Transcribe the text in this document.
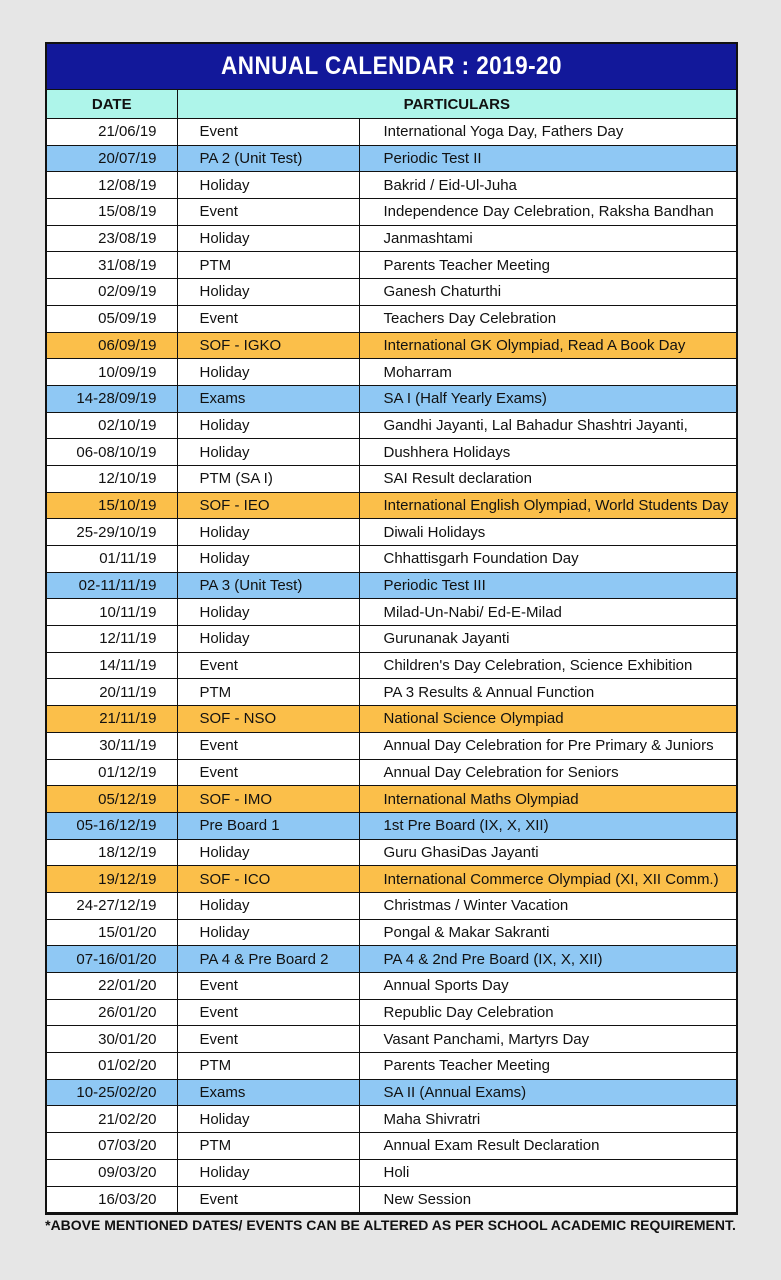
ANNUAL CALENDAR : 2019-20
DATE	PARTICULARS	
21/06/19	Event	International Yoga Day, Fathers Day
20/07/19	PA 2 (Unit Test)	Periodic Test II
12/08/19	Holiday	Bakrid / Eid-Ul-Juha
15/08/19	Event	Independence Day Celebration, Raksha Bandhan
23/08/19	Holiday	Janmashtami
31/08/19	PTM	Parents Teacher Meeting
02/09/19	Holiday	Ganesh Chaturthi
05/09/19	Event	Teachers Day Celebration
06/09/19	SOF - IGKO	International GK Olympiad, Read A Book Day
10/09/19	Holiday	Moharram
14-28/09/19	Exams	SA I (Half Yearly Exams)
02/10/19	Holiday	Gandhi Jayanti, Lal Bahadur Shashtri Jayanti,
06-08/10/19	Holiday	Dushhera Holidays
12/10/19	PTM (SA I)	SAI Result declaration
15/10/19	SOF - IEO	International English Olympiad, World Students Day
25-29/10/19	Holiday	Diwali Holidays
01/11/19	Holiday	Chhattisgarh Foundation Day
02-11/11/19	PA 3 (Unit Test)	Periodic Test III
10/11/19	Holiday	Milad-Un-Nabi/ Ed-E-Milad
12/11/19	Holiday	Gurunanak Jayanti
14/11/19	Event	Children's Day Celebration, Science Exhibition
20/11/19	PTM	PA 3 Results & Annual Function
21/11/19	SOF - NSO	National Science Olympiad
30/11/19	Event	Annual Day Celebration for Pre Primary & Juniors
01/12/19	Event	Annual Day Celebration for Seniors
05/12/19	SOF - IMO	International Maths Olympiad
05-16/12/19	Pre Board 1	1st Pre Board (IX, X, XII)
18/12/19	Holiday	Guru GhasiDas Jayanti
19/12/19	SOF - ICO	International Commerce Olympiad (XI, XII Comm.)
24-27/12/19	Holiday	Christmas / Winter Vacation
15/01/20	Holiday	Pongal & Makar Sakranti
07-16/01/20	PA 4 & Pre Board 2	PA 4 & 2nd Pre Board (IX, X, XII)
22/01/20	Event	Annual Sports Day
26/01/20	Event	Republic Day Celebration
30/01/20	Event	Vasant Panchami, Martyrs Day
01/02/20	PTM	Parents Teacher Meeting
10-25/02/20	Exams	SA II (Annual Exams)
21/02/20	Holiday	Maha Shivratri
07/03/20	PTM	Annual Exam Result Declaration
09/03/20	Holiday	Holi
16/03/20	Event	New Session
*ABOVE MENTIONED DATES/ EVENTS CAN BE ALTERED AS PER SCHOOL ACADEMIC REQUIREMENT.
